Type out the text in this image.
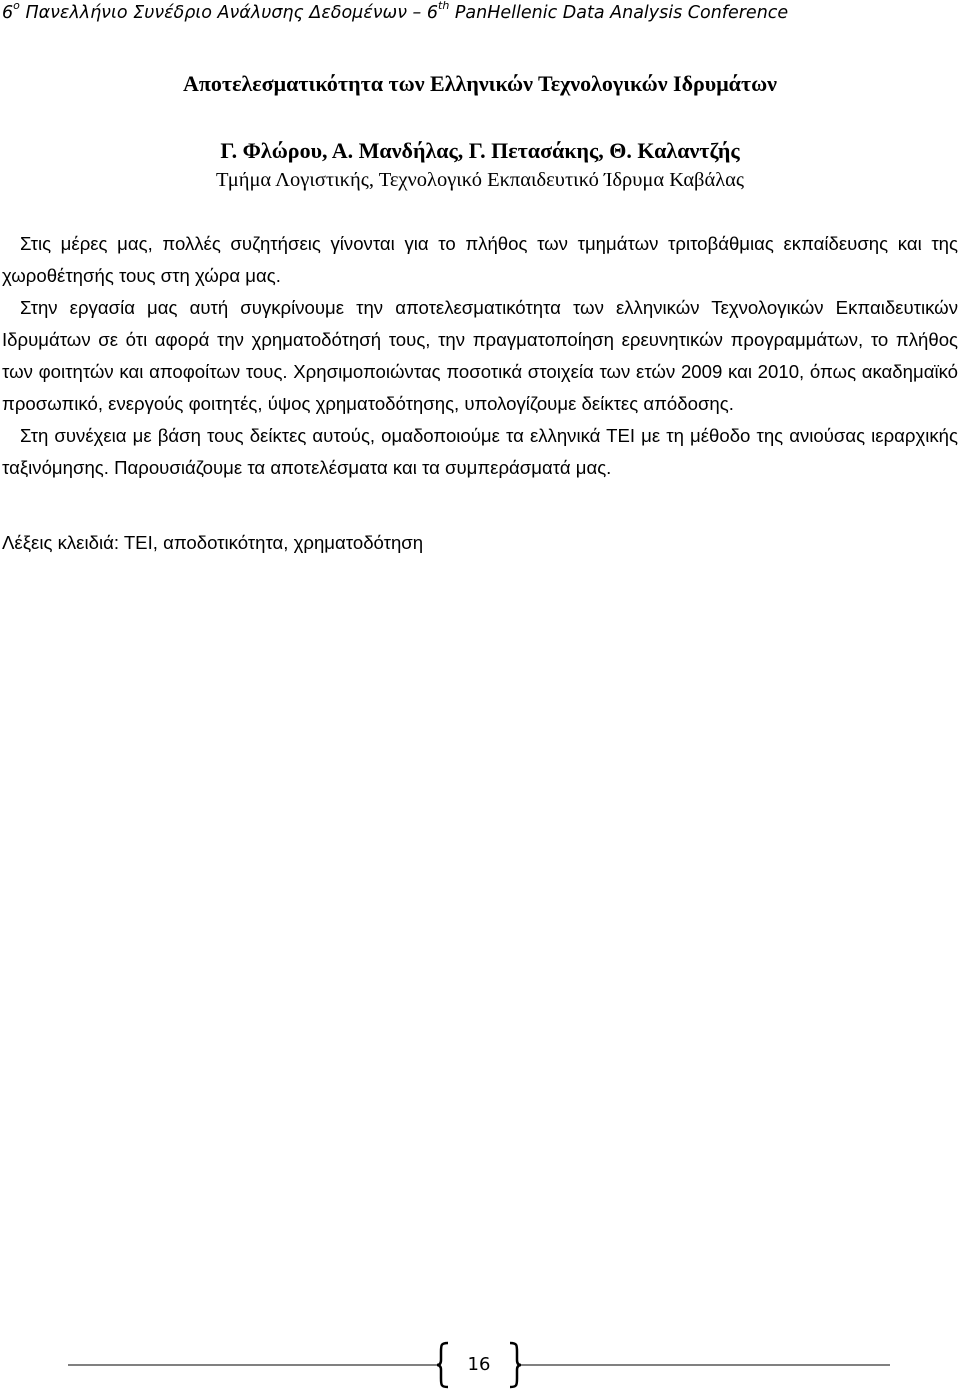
6$^o$ Πανελλήνιο Συνέδριο Ανάλυσης Δεδομένων – 6th PanHellenic Data Analysis Conference
Αποτελεσματικότητα των Ελληνικών Τεχνολογικών Ιδρυμάτων
Γ. Φλώρου, Α. Μανδήλας, Γ. Πετασάκης, Θ. Καλαντζής
Τμήμα Λογιστικής, Τεχνολογικό Εκπαιδευτικό Ίδρυμα Καβάλας

Στις μέρες μας, πολλές συζητήσεις γίνονται για το πλήθος των τμημάτων τριτοβάθμιας εκπαίδευσης και της χωροθέτησής τους στη χώρα μας.

Στην εργασία μας αυτή συγκρίνουμε την αποτελεσματικότητα των ελληνικών Τεχνολογικών Εκπαιδευτικών Ιδρυμάτων σε ότι αφορά την χρηματοδότησή τους, την πραγματοποίηση ερευνητικών προγραμμάτων, το πλήθος των φοιτητών και αποφοίτων τους. Χρησιμοποιώντας ποσοτικά στοιχεία των ετών 2009 και 2010, όπως ακαδημαϊκό προσωπικό, ενεργούς φοιτητές, ύψος χρηματοδότησης, υπολογίζουμε δείκτες απόδοσης.

Στη συνέχεια με βάση τους δείκτες αυτούς, ομαδοποιούμε τα ελληνικά ΤΕΙ με τη μέθοδο της ανιούσας ιεραρχικής ταξινόμησης. Παρουσιάζουμε τα αποτελέσματα και τα συμπεράσματά μας.

Λέξεις κλειδιά: ΤΕΙ, αποδοτικότητα, χρηματοδότηση
16
